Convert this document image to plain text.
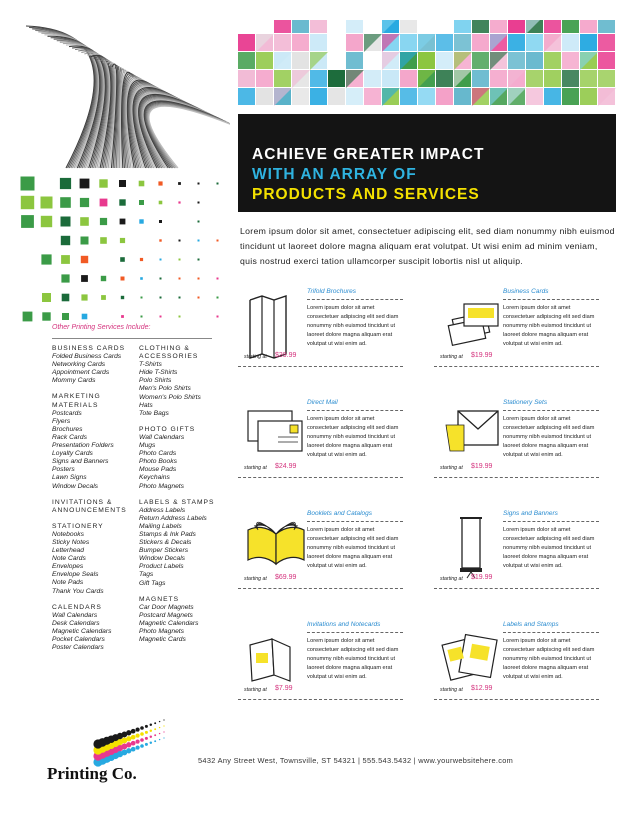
ACHIEVE GREATER IMPACT
WITH AN ARRAY OF
PRODUCTS AND SERVICES
Lorem ipsum dolor sit amet, consectetuer adipiscing elit, sed diam nonummy nibh euismod tincidunt ut laoreet dolore magna aliquam erat volutpat. Ut wisi enim ad minim veniam, quis nostrud exerci tation ullamcorper suscipit lobortis nisl ut aliquip.
Other Printing Services Include:
BUSINESS CARDS
Folded Business Cards
Networking Cards
Appointment Cards
Mommy Cards
MARKETING MATERIALS
Postcards
Flyers
Brochures
Rack Cards
Presentation Folders
Loyalty Cards
Signs and Banners
Posters
Lawn Signs
Window Decals
INVITATIONS & ANNOUNCEMENTS
STATIONERY
Notebooks
Sticky Notes
Letterhead
Note Cards
Envelopes
Envelope Seals
Note Pads
Thank You Cards
CALENDARS
Wall Calendars
Desk Calendars
Magnetic Calendars
Pocket Calendars
Poster Calendars
CLOTHING & ACCESSORIES
T-Shirts
Hide T-Shirts
Polo Shirts
Men's Polo Shirts
Women's Polo Shirts
Hats
Tote Bags
PHOTO GIFTS
Wall Calendars
Mugs
Photo Cards
Photo Books
Mouse Pads
Keychains
Photo Magnets
LABELS & STAMPS
Address Labels
Return Address Labels
Mailing Labels
Stamps & Ink Pads
Stickers & Decals
Bumper Stickers
Window Decals
Product Labels
Tags
Gift Tags
MAGNETS
Car Door Magnets
Postcard Magnets
Magnetic Calendars
Photo Magnets
Magnetic Cards
Trifold Brochures
Lorem ipsum dolor sit amet consectetuer adipiscing elit sed diam nonummy nibh euismod tincidunt ut laoreet dolore magna aliquam erat volutpat ut wisi enim ad.
starting at $39.99
Business Cards
Lorem ipsum dolor sit amet consectetuer adipiscing elit sed diam nonummy nibh euismod tincidunt ut laoreet dolore magna aliquam erat volutpat ut wisi enim ad.
starting at $19.99
Direct Mail
Lorem ipsum dolor sit amet consectetuer adipiscing elit sed diam nonummy nibh euismod tincidunt ut laoreet dolore magna aliquam erat volutpat ut wisi enim ad.
starting at $24.99
Stationery Sets
Lorem ipsum dolor sit amet consectetuer adipiscing elit sed diam nonummy nibh euismod tincidunt ut laoreet dolore magna aliquam erat volutpat ut wisi enim ad.
starting at $19.99
Booklets and Catalogs
Lorem ipsum dolor sit amet consectetuer adipiscing elit sed diam nonummy nibh euismod tincidunt ut laoreet dolore magna aliquam erat volutpat ut wisi enim ad.
starting at $69.99
Signs and Banners
Lorem ipsum dolor sit amet consectetuer adipiscing elit sed diam nonummy nibh euismod tincidunt ut laoreet dolore magna aliquam erat volutpat ut wisi enim ad.
starting at $19.99
Invitations and Notecards
Lorem ipsum dolor sit amet consectetuer adipiscing elit sed diam nonummy nibh euismod tincidunt ut laoreet dolore magna aliquam erat volutpat ut wisi enim ad.
starting at $7.99
Labels and Stamps
Lorem ipsum dolor sit amet consectetuer adipiscing elit sed diam nonummy nibh euismod tincidunt ut laoreet dolore magna aliquam erat volutpat ut wisi enim ad.
starting at $12.99
Printing Co.
5432 Any Street West, Townsville, ST 54321 | 555.543.5432 | www.yourwebsitehere.com
